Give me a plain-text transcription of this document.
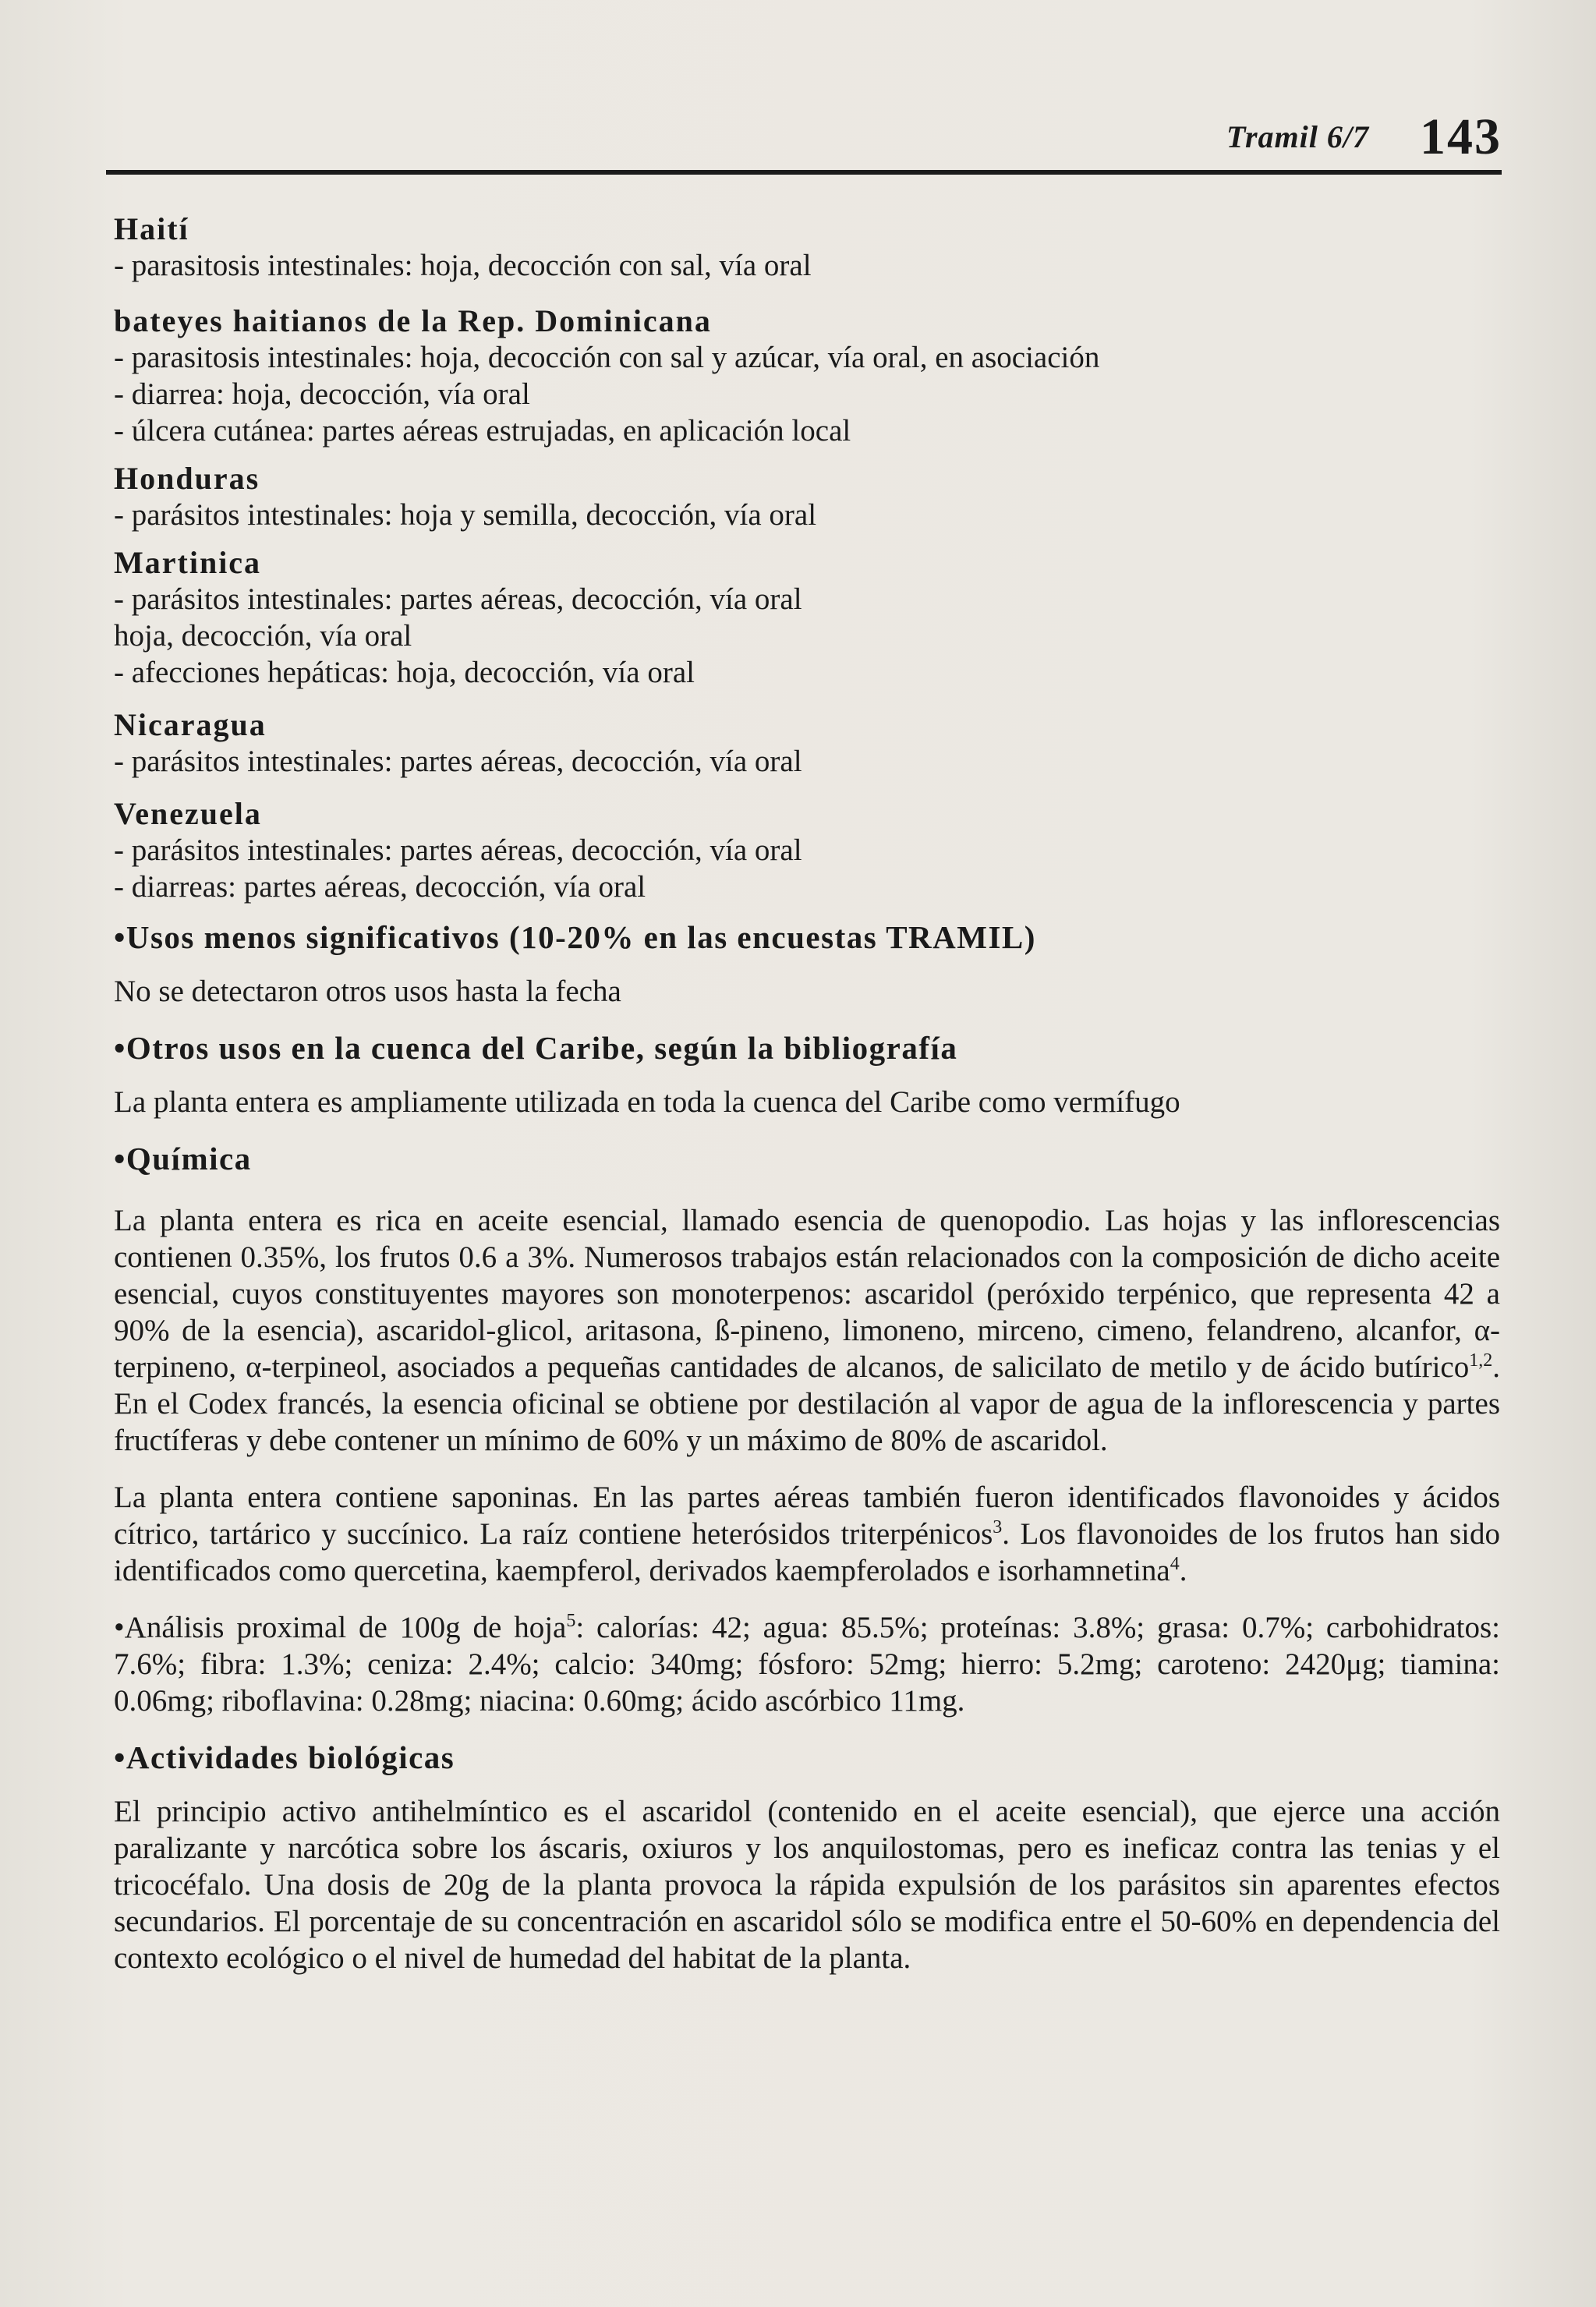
Tramil 6/7 143

Haití

- parasitosis intestinales: hoja, decocción con sal, vía oral

bateyes haitianos de la Rep. Dominicana

- parasitosis intestinales: hoja, decocción con sal y azúcar, vía oral, en asociación

- diarrea: hoja, decocción, vía oral

- úlcera cutánea: partes aéreas estrujadas, en aplicación local

Honduras

- parásitos intestinales: hoja y semilla, decocción, vía oral

Martinica

- parásitos intestinales: partes aéreas, decocción, vía oral

hoja, decocción, vía oral

- afecciones hepáticas: hoja, decocción, vía oral

Nicaragua

- parásitos intestinales: partes aéreas, decocción, vía oral

Venezuela

- parásitos intestinales: partes aéreas, decocción, vía oral

- diarreas: partes aéreas, decocción, vía oral

•Usos menos significativos (10-20% en las encuestas TRAMIL)

No se detectaron otros usos hasta la fecha

•Otros usos en la cuenca del Caribe, según la bibliografía

La planta entera es ampliamente utilizada en toda la cuenca del Caribe como vermífugo

•Química

La planta entera es rica en aceite esencial, llamado esencia de quenopodio. Las hojas y las inflorescencias contienen 0.35%, los frutos 0.6 a 3%. Numerosos trabajos están relacionados con la composición de dicho aceite esencial, cuyos constituyentes mayores son monoterpenos: ascaridol (peróxido terpénico, que representa 42 a 90% de la esencia), ascaridol-glicol, aritasona, ß-pineno, limoneno, mirceno, cimeno, felandreno, alcanfor, α-terpineno, α-terpineol, asociados a pequeñas cantidades de alcanos, de salicilato de metilo y de ácido butírico$^{1,2}$. En el Codex francés, la esencia oficinal se obtiene por destilación al vapor de agua de la inflorescencia y partes fructíferas y debe contener un mínimo de 60% y un máximo de 80% de ascaridol.

La planta entera contiene saponinas. En las partes aéreas también fueron identificados flavonoides y ácidos cítrico, tartárico y succínico. La raíz contiene heterósidos triterpénicos$^3$. Los flavonoides de los frutos han sido identificados como quercetina, kaempferol, derivados kaempferolados e isorhamnetina$^4$.

•Análisis proximal de 100g de hoja$^5$: calorías: 42; agua: 85.5%; proteínas: 3.8%; grasa: 0.7%; carbohidratos: 7.6%; fibra: 1.3%; ceniza: 2.4%; calcio: 340mg; fósforo: 52mg; hierro: 5.2mg; caroteno: 2420μg; tiamina: 0.06mg; riboflavina: 0.28mg; niacina: 0.60mg; ácido ascórbico 11mg.

•Actividades biológicas

El principio activo antihelmíntico es el ascaridol (contenido en el aceite esencial), que ejerce una acción paralizante y narcótica sobre los áscaris, oxiuros y los anquilostomas, pero es ineficaz contra las tenias y el tricocéfalo. Una dosis de 20g de la planta provoca la rápida expulsión de los parásitos sin aparentes efectos secundarios. El porcentaje de su concentración en ascaridol sólo se modifica entre el 50-60% en dependencia del contexto ecológico o el nivel de humedad del habitat de la planta.
